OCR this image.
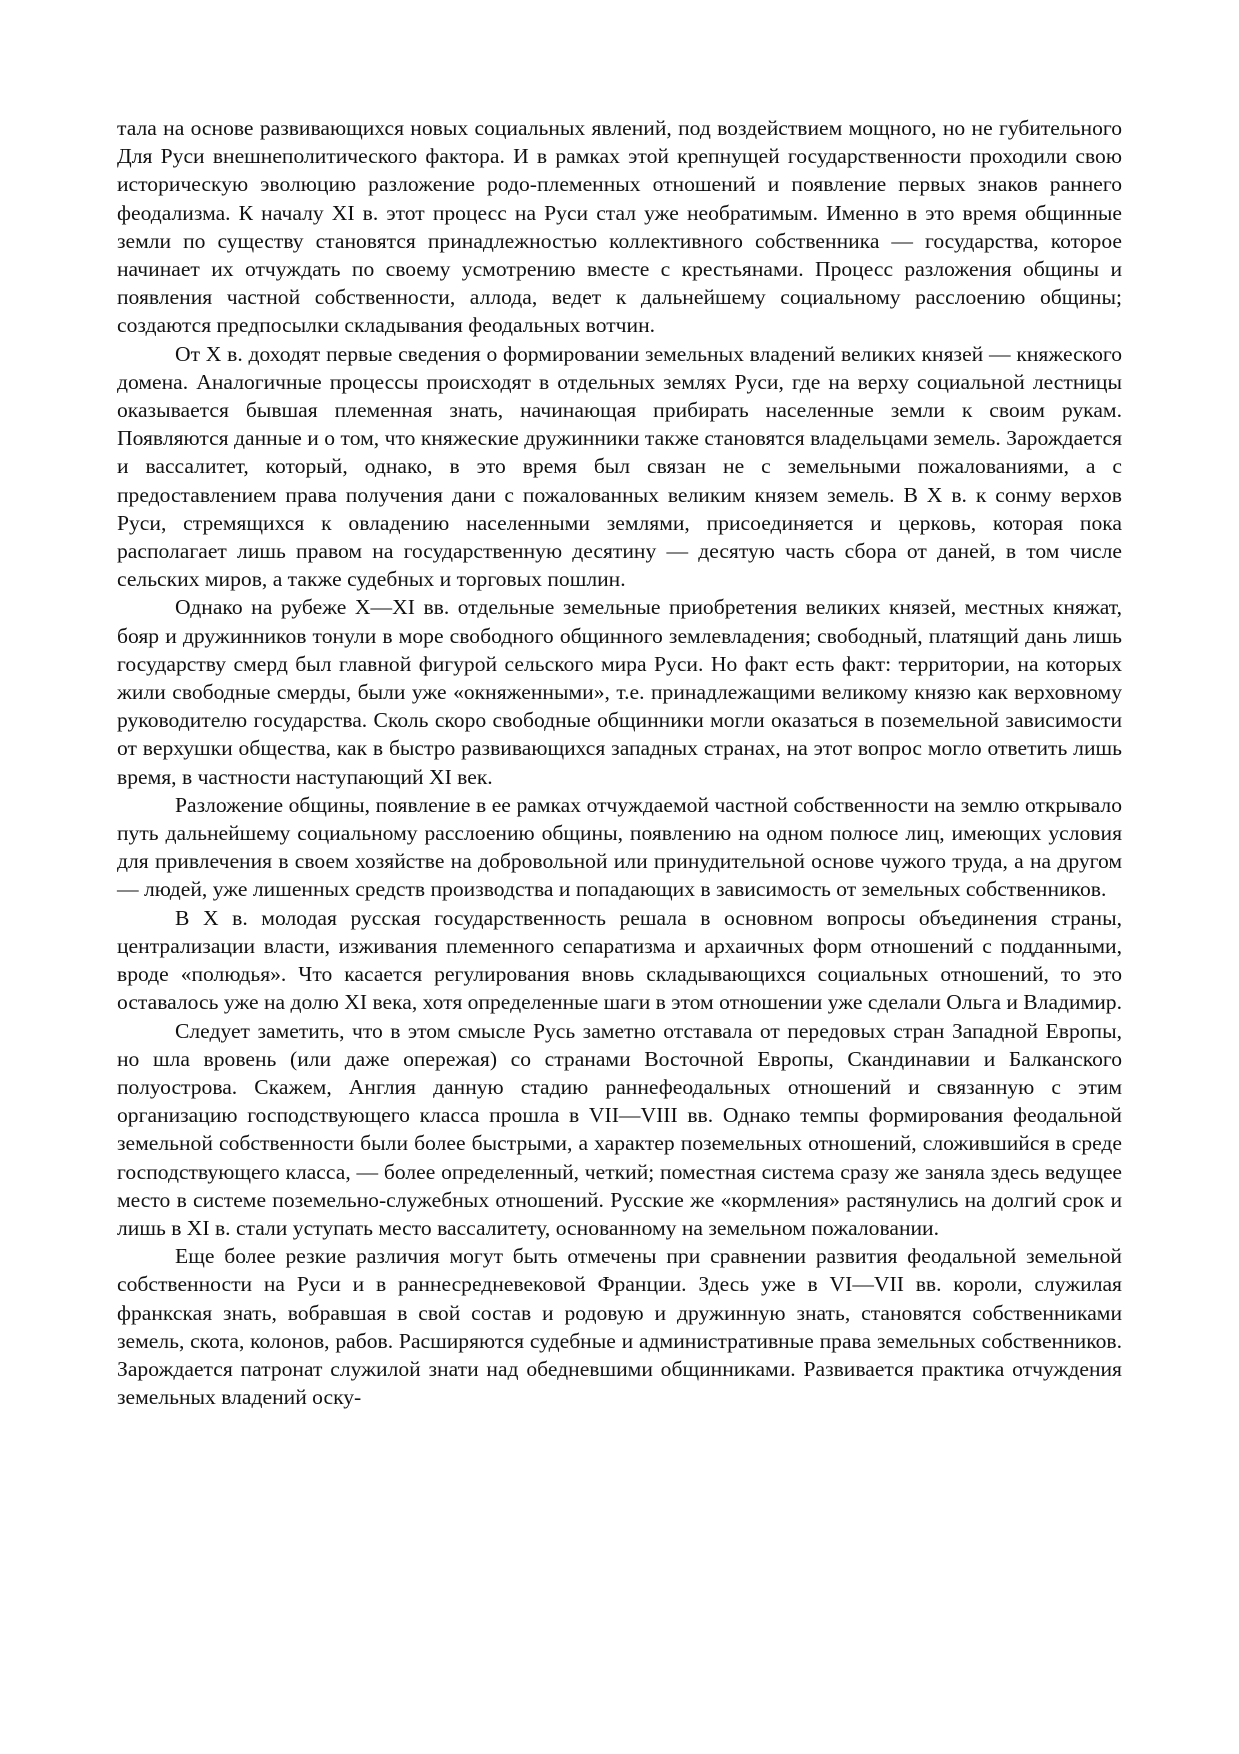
тала на основе развивающихся новых социальных явлений, под воздействием мощного, но не губительного Для Руси внешнеполитического фактора. И в рамках этой крепнущей государственности проходили свою историческую эволюцию разложение родо-племенных отношений и появление первых знаков раннего феодализма. К началу XI в. этот процесс на Руси стал уже необратимым. Именно в это время общинные земли по существу становятся принадлежностью коллективного собственника — государства, которое начинает их отчуждать по своему усмотрению вместе с крестьянами. Процесс разложения общины и появления частной собственности, аллода, ведет к дальнейшему социальному расслоению общины; создаются предпосылки складывания феодальных вотчин.

От X в. доходят первые сведения о формировании земельных владений великих князей — княжеского домена. Аналогичные процессы происходят в отдельных землях Руси, где на верху социальной лестницы оказывается бывшая племенная знать, начинающая прибирать населенные земли к своим рукам. Появляются данные и о том, что княжеские дружинники также становятся владельцами земель. Зарождается и вассалитет, который, однако, в это время был связан не с земельными пожалованиями, а с предоставлением права получения дани с пожалованных великим князем земель. В X в. к сонму верхов Руси, стремящихся к овладению населенными землями, присоединяется и церковь, которая пока располагает лишь правом на государственную десятину — десятую часть сбора от даней, в том числе сельских миров, а также судебных и торговых пошлин.

Однако на рубеже X—XI вв. отдельные земельные приобретения великих князей, местных княжат, бояр и дружинников тонули в море свободного общинного землевладения; свободный, платящий дань лишь государству смерд был главной фигурой сельского мира Руси. Но факт есть факт: территории, на которых жили свободные смерды, были уже «окняженными», т.е. принадлежащими великому князю как верховному руководителю государства. Сколь скоро свободные общинники могли оказаться в поземельной зависимости от верхушки общества, как в быстро развивающихся западных странах, на этот вопрос могло ответить лишь время, в частности наступающий XI век.

Разложение общины, появление в ее рамках отчуждаемой частной собственности на землю открывало путь дальнейшему социальному расслоению общины, появлению на одном полюсе лиц, имеющих условия для привлечения в своем хозяйстве на добровольной или принудительной основе чужого труда, а на другом — людей, уже лишенных средств производства и попадающих в зависимость от земельных собственников.

В X в. молодая русская государственность решала в основном вопросы объединения страны, централизации власти, изживания племенного сепаратизма и архаичных форм отношений с подданными, вроде «полюдья». Что касается регулирования вновь складывающихся социальных отношений, то это оставалось уже на долю XI века, хотя определенные шаги в этом отношении уже сделали Ольга и Владимир.

Следует заметить, что в этом смысле Русь заметно отставала от передовых стран Западной Европы, но шла вровень (или даже опережая) со странами Восточной Европы, Скандинавии и Балканского полуострова. Скажем, Англия данную стадию раннефеодальных отношений и связанную с этим организацию господствующего класса прошла в VII—VIII вв. Однако темпы формирования феодальной земельной собственности были более быстрыми, а характер поземельных отношений, сложившийся в среде господствующего класса, — более определенный, четкий; поместная система сразу же заняла здесь ведущее место в системе поземельно-служебных отношений. Русские же «кормления» растянулись на долгий срок и лишь в XI в. стали уступать место вассалитету, основанному на земельном пожаловании.

Еще более резкие различия могут быть отмечены при сравнении развития феодальной земельной собственности на Руси и в раннесредневековой Франции. Здесь уже в VI—VII вв. короли, служилая франкская знать, вобравшая в свой состав и родовую и дружинную знать, становятся собственниками земель, скота, колонов, рабов. Расширяются судебные и административные права земельных собственников. Зарождается патронат служилой знати над обедневшими общинниками. Развивается практика отчуждения земельных владений оску-
